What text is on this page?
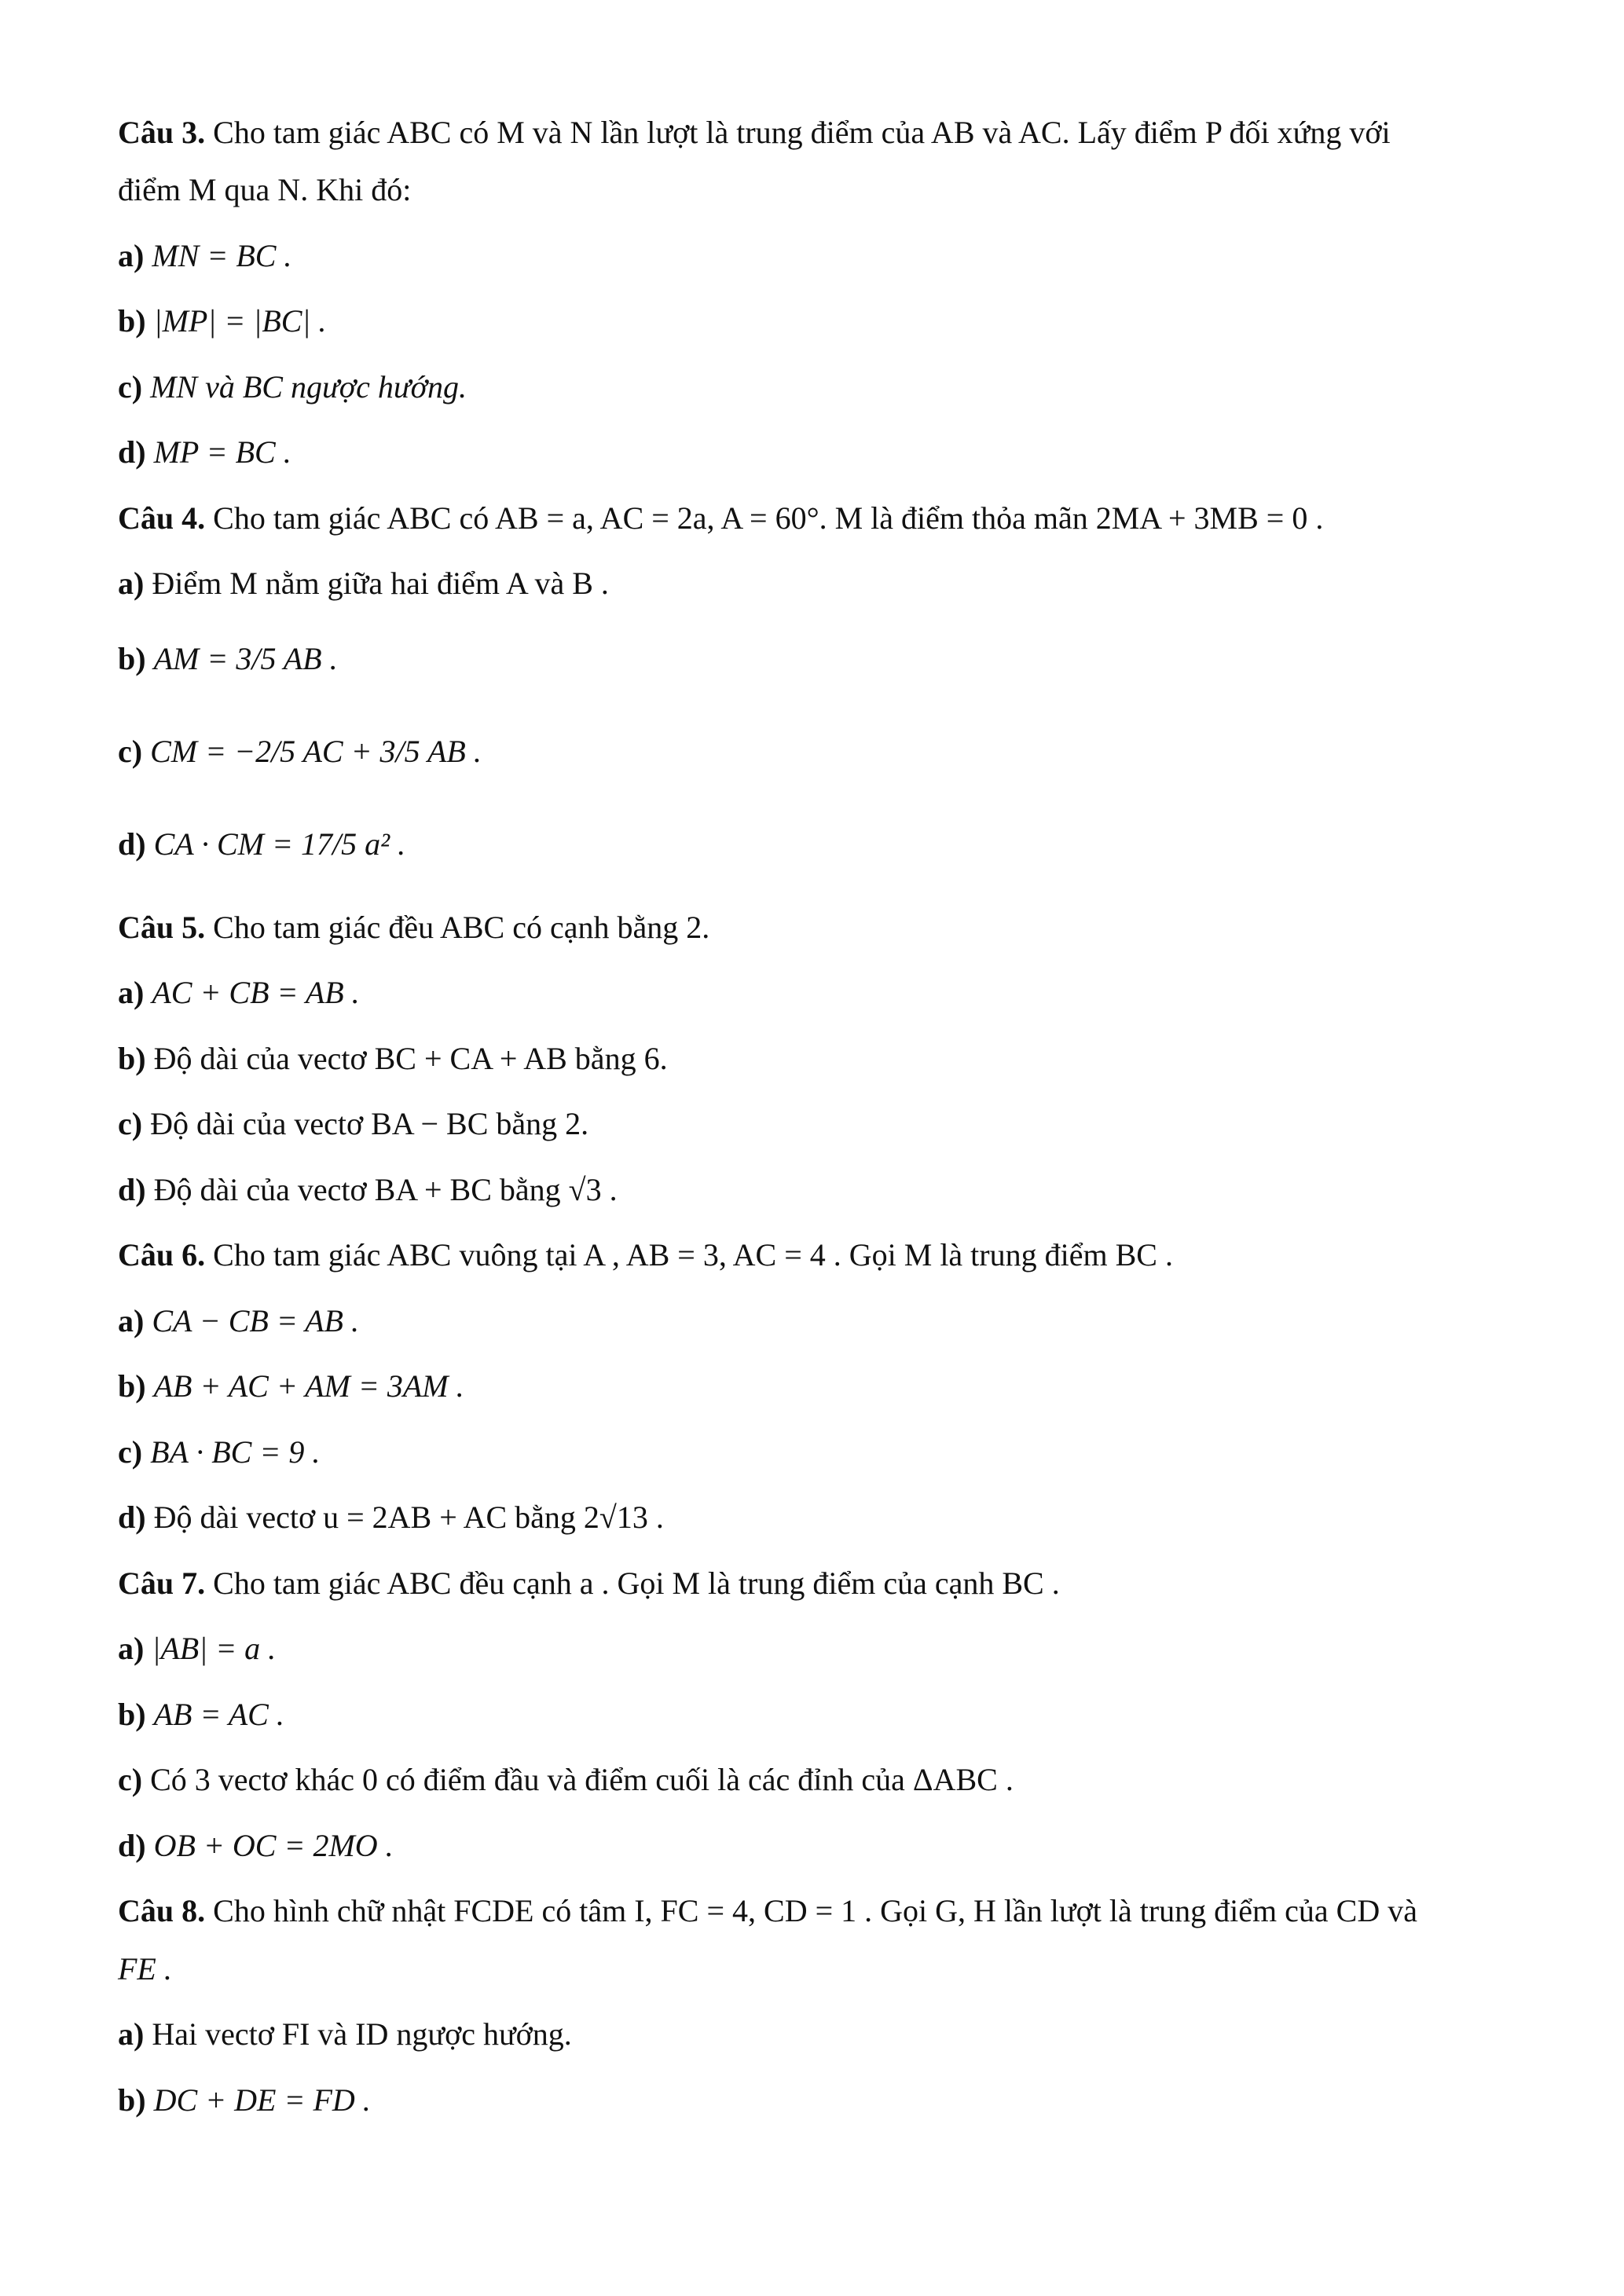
Câu 3. Cho tam giác ABC có M và N lần lượt là trung điểm của AB và AC. Lấy điểm P đối xứng với
điểm M qua N. Khi đó:
a) MN = BC .
b) |MP| = |BC| .
c) MN và BC ngược hướng.
d) MP = BC .
Câu 4. Cho tam giác ABC có AB = a, AC = 2a, A = 60°. M là điểm thỏa mãn 2MA + 3MB = 0 .
a) Điểm M nằm giữa hai điểm A và B .
b) AM = 3/5 AB .
c) CM = −2/5 AC + 3/5 AB .
d) CA · CM = 17/5 a² .
Câu 5. Cho tam giác đều ABC có cạnh bằng 2.
a) AC + CB = AB .
b) Độ dài của vectơ BC + CA + AB bằng 6.
c) Độ dài của vectơ BA − BC bằng 2.
d) Độ dài của vectơ BA + BC bằng √3 .
Câu 6. Cho tam giác ABC vuông tại A , AB = 3, AC = 4 . Gọi M là trung điểm BC .
a) CA − CB = AB .
b) AB + AC + AM = 3AM .
c) BA · BC = 9 .
d) Độ dài vectơ u = 2AB + AC bằng 2√13 .
Câu 7. Cho tam giác ABC đều cạnh a . Gọi M là trung điểm của cạnh BC .
a) |AB| = a .
b) AB = AC .
c) Có 3 vectơ khác 0 có điểm đầu và điểm cuối là các đỉnh của ΔABC .
d) OB + OC = 2MO .
Câu 8. Cho hình chữ nhật FCDE có tâm I, FC = 4, CD = 1 . Gọi G, H lần lượt là trung điểm của CD và
FE .
a) Hai vectơ FI và ID ngược hướng.
b) DC + DE = FD .
